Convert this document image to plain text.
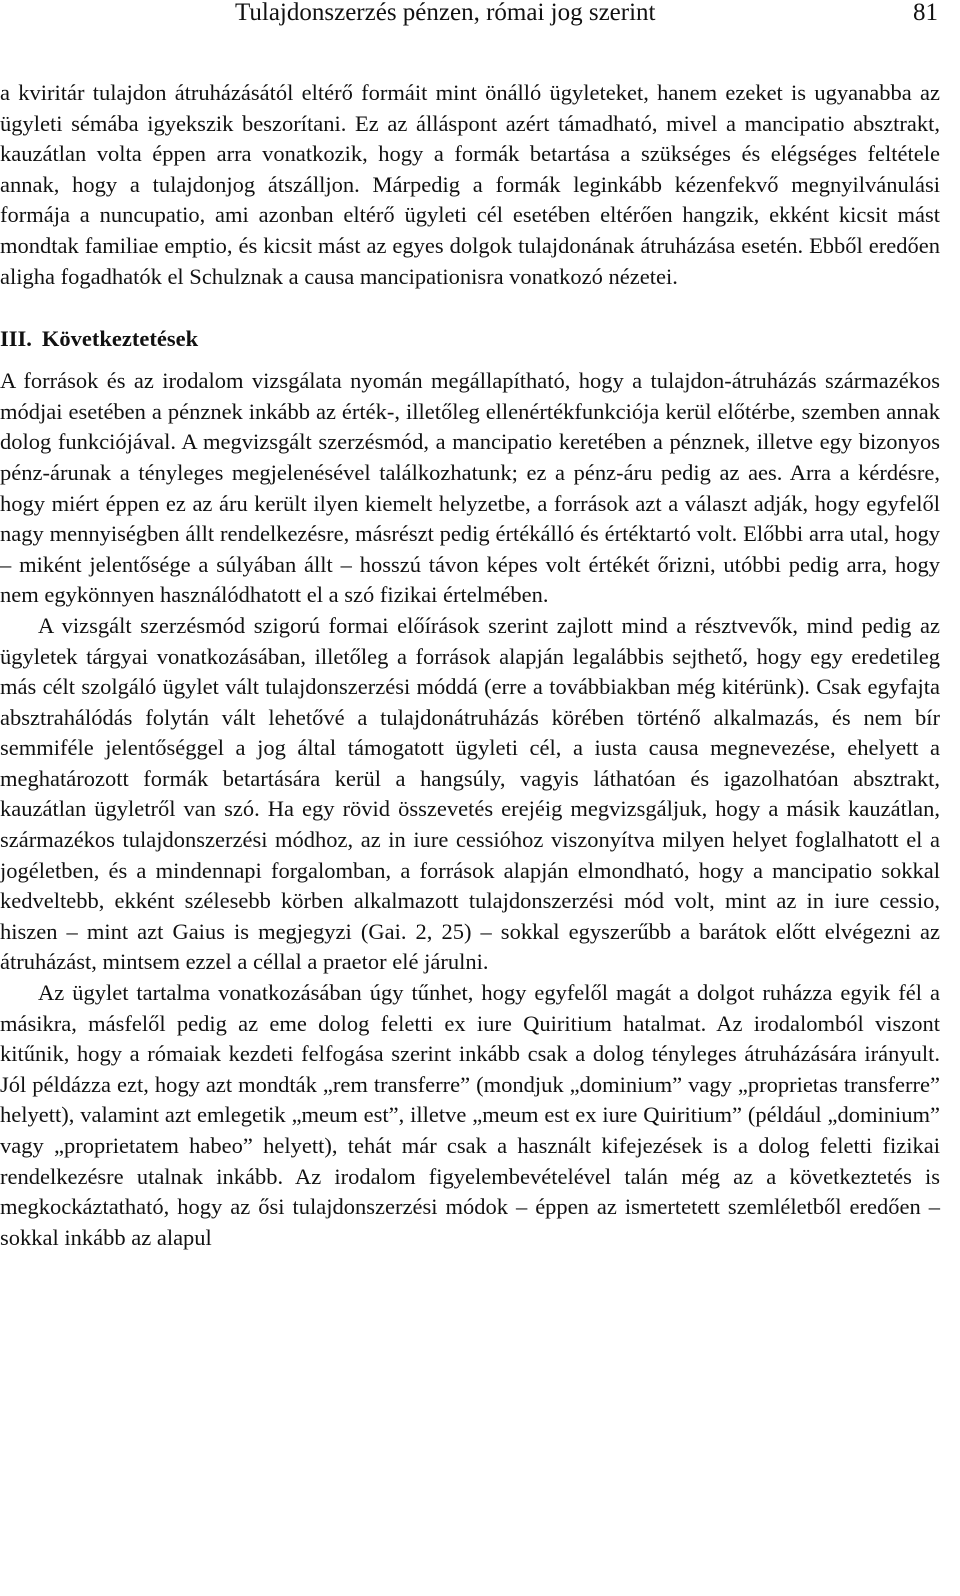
Tulajdonszerzés pénzen, római jog szerint	81

a kviritár tulajdon átruházásától eltérő formáit mint önálló ügyleteket, hanem ezeket is ugyanabba az ügyleti sémába igyekszik beszorítani. Ez az álláspont azért támadható, mivel a mancipatio absztrakt, kauzátlan volta éppen arra vonatkozik, hogy a formák betartása a szükséges és elégséges feltétele annak, hogy a tulajdonjog átszálljon. Márpedig a formák leginkább kézenfekvő megnyilvánulási formája a nuncupatio, ami azonban eltérő ügyleti cél esetében eltérően hangzik, ekként kicsit mást mondtak familiae emptio, és kicsit mást az egyes dolgok tulajdonának átruházása esetén. Ebből eredően aligha fogadhatók el Schulznak a causa mancipationisra vonatkozó nézetei.

III. Következtetések

A források és az irodalom vizsgálata nyomán megállapítható, hogy a tulajdon-átruházás származékos módjai esetében a pénznek inkább az érték-, illetőleg ellenértékfunkciója kerül előtérbe, szemben annak dolog funkciójával. A megvizsgált szerzésmód, a mancipatio keretében a pénznek, illetve egy bizonyos pénz-árunak a tényleges megjelenésével találkozhatunk; ez a pénz-áru pedig az aes. Arra a kérdésre, hogy miért éppen ez az áru került ilyen kiemelt helyzetbe, a források azt a választ adják, hogy egyfelől nagy mennyiségben állt rendelkezésre, másrészt pedig értékálló és értéktartó volt. Előbbi arra utal, hogy – miként jelentősége a súlyában állt – hosszú távon képes volt értékét őrizni, utóbbi pedig arra, hogy nem egykönnyen használódhatott el a szó fizikai értelmében.

A vizsgált szerzésmód szigorú formai előírások szerint zajlott mind a résztvevők, mind pedig az ügyletek tárgyai vonatkozásában, illetőleg a források alapján legalábbis sejthető, hogy egy eredetileg más célt szolgáló ügylet vált tulajdonszerzési móddá (erre a továbbiakban még kitérünk). Csak egyfajta absztrahálódás folytán vált lehetővé a tulajdonátruházás körében történő alkalmazás, és nem bír semmiféle jelentőséggel a jog által támogatott ügyleti cél, a iusta causa megnevezése, ehelyett a meghatározott formák betartására kerül a hangsúly, vagyis láthatóan és igazolhatóan absztrakt, kauzátlan ügyletről van szó. Ha egy rövid összevetés erejéig megvizsgáljuk, hogy a másik kauzátlan, származékos tulajdonszerzési módhoz, az in iure cessióhoz viszonyítva milyen helyet foglalhatott el a jogéletben, és a mindennapi forgalomban, a források alapján elmondható, hogy a mancipatio sokkal kedveltebb, ekként szélesebb körben alkalmazott tulajdonszerzési mód volt, mint az in iure cessio, hiszen – mint azt Gaius is megjegyzi (Gai. 2, 25) – sokkal egyszerűbb a barátok előtt elvégezni az átruházást, mintsem ezzel a céllal a praetor elé járulni.

Az ügylet tartalma vonatkozásában úgy tűnhet, hogy egyfelől magát a dolgot ruházza egyik fél a másikra, másfelől pedig az eme dolog feletti ex iure Quiritium hatalmat. Az irodalomból viszont kitűnik, hogy a rómaiak kezdeti felfogása szerint inkább csak a dolog tényleges átruházására irányult. Jól példázza ezt, hogy azt mondták „rem transferre” (mondjuk „dominium” vagy „proprietas transferre” helyett), valamint azt emlegetik „meum est”, illetve „meum est ex iure Quiritium” (például „dominium” vagy „proprietatem habeo” helyett), tehát már csak a használt kifejezések is a dolog feletti fizikai rendelkezésre utalnak inkább. Az irodalom figyelembevételével talán még az a következtetés is megkockáztatható, hogy az ősi tulajdonszerzési módok – éppen az ismertetett szemléletből eredően – sokkal inkább az alapul
